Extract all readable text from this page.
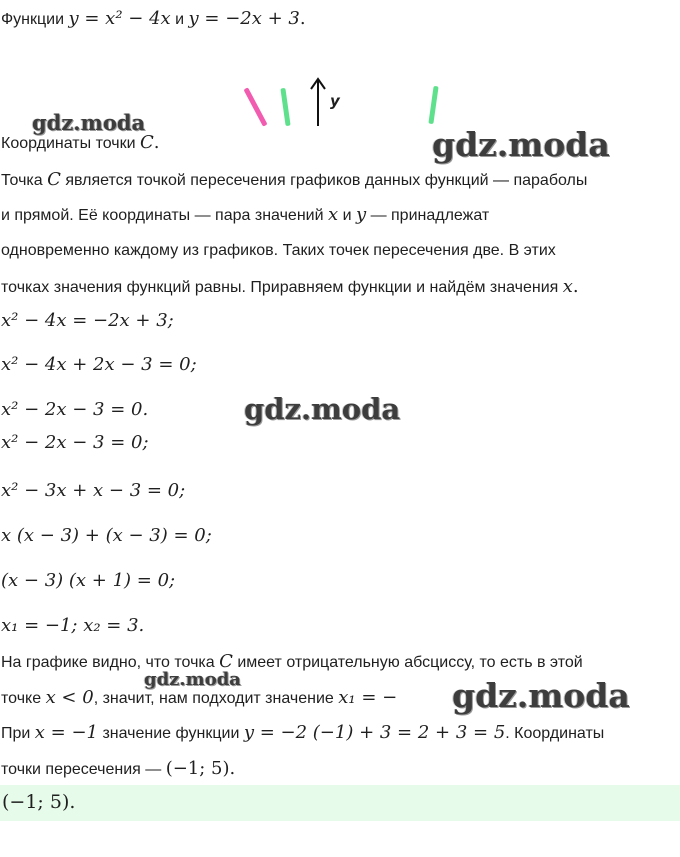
Функции y = x² − 4x и y = −2x + 3.
y
Координаты точки C.
Точка C является точкой пересечения графиков данных функций — параболы
и прямой. Её координаты — пара значений x и y — принадлежат
одновременно каждому из графиков. Таких точек пересечения две. В этих
точках значения функций равны. Приравняем функции и найдём значения x.
x² − 4x = −2x + 3;
x² − 4x + 2x − 3 = 0;
x² − 2x − 3 = 0.
x² − 2x − 3 = 0;
x² − 3x + x − 3 = 0;
x (x − 3) + (x − 3) = 0;
(x − 3) (x + 1) = 0;
x₁ = −1; x₂ = 3.
На графике видно, что точка C имеет отрицательную абсциссу, то есть в этой
точке x < 0, значит, нам подходит значение x₁ = −
При x = −1 значение функции y = −2 (−1) + 3 = 2 + 3 = 5. Координаты
точки пересечения — (−1; 5).
(−1; 5).
gdz.moda
gdz.moda
gdz.moda
gdz.moda	gdz.moda
